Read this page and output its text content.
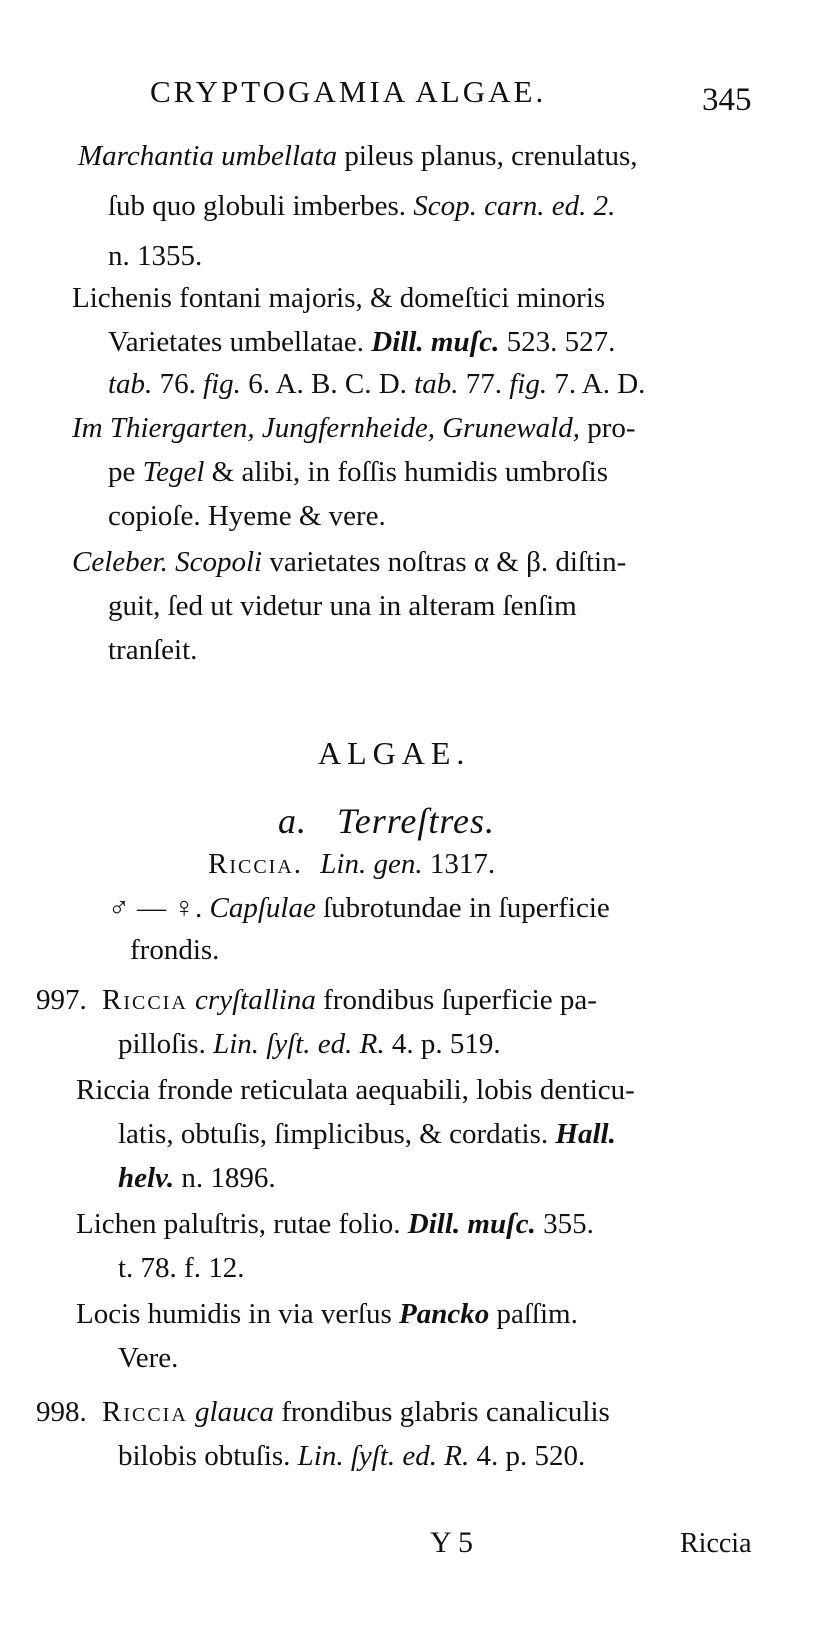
CRYPTOGAMIA ALGAE.	345
Marchantia umbellata pileus planus, crenulatus,
ſub quo globuli imberbes. Scop. carn. ed. 2.
n. 1355.
Lichenis fontani majoris, & domeſtici minoris
Varietates umbellatae. Dill. muſc. 523. 527.
tab. 76. fig. 6. A. B. C. D. tab. 77. fig. 7. A. D.
Im Thiergarten, Jungfernheide, Grunewald, pro-
pe Tegel & alibi, in foſſis humidis umbroſis
copioſe. Hyeme & vere.
Celeber. Scopoli varietates noſtras α & β. diſtin-
guit, ſed ut videtur una in alteram ſenſim
tranſeit.
ALGAE.
a. Terreſtres.
Riccia. Lin. gen. 1317.
♂ — ♀. Capſulae ſubrotundae in ſuperficie
frondis.
997. Riccia cryſtallina frondibus ſuperficie pa-
pilloſis. Lin. ſyſt. ed. R. 4. p. 519.
Riccia fronde reticulata aequabili, lobis denticu-
latis, obtuſis, ſimplicibus, & cordatis. Hall.
helv. n. 1896.
Lichen paluſtris, rutae folio. Dill. muſc. 355.
t. 78. f. 12.
Locis humidis in via verſus Pancko paſſim.
Vere.
998. Riccia glauca frondibus glabris canaliculis
bilobis obtuſis. Lin. ſyſt. ed. R. 4. p. 520.
Y 5	Riccia
